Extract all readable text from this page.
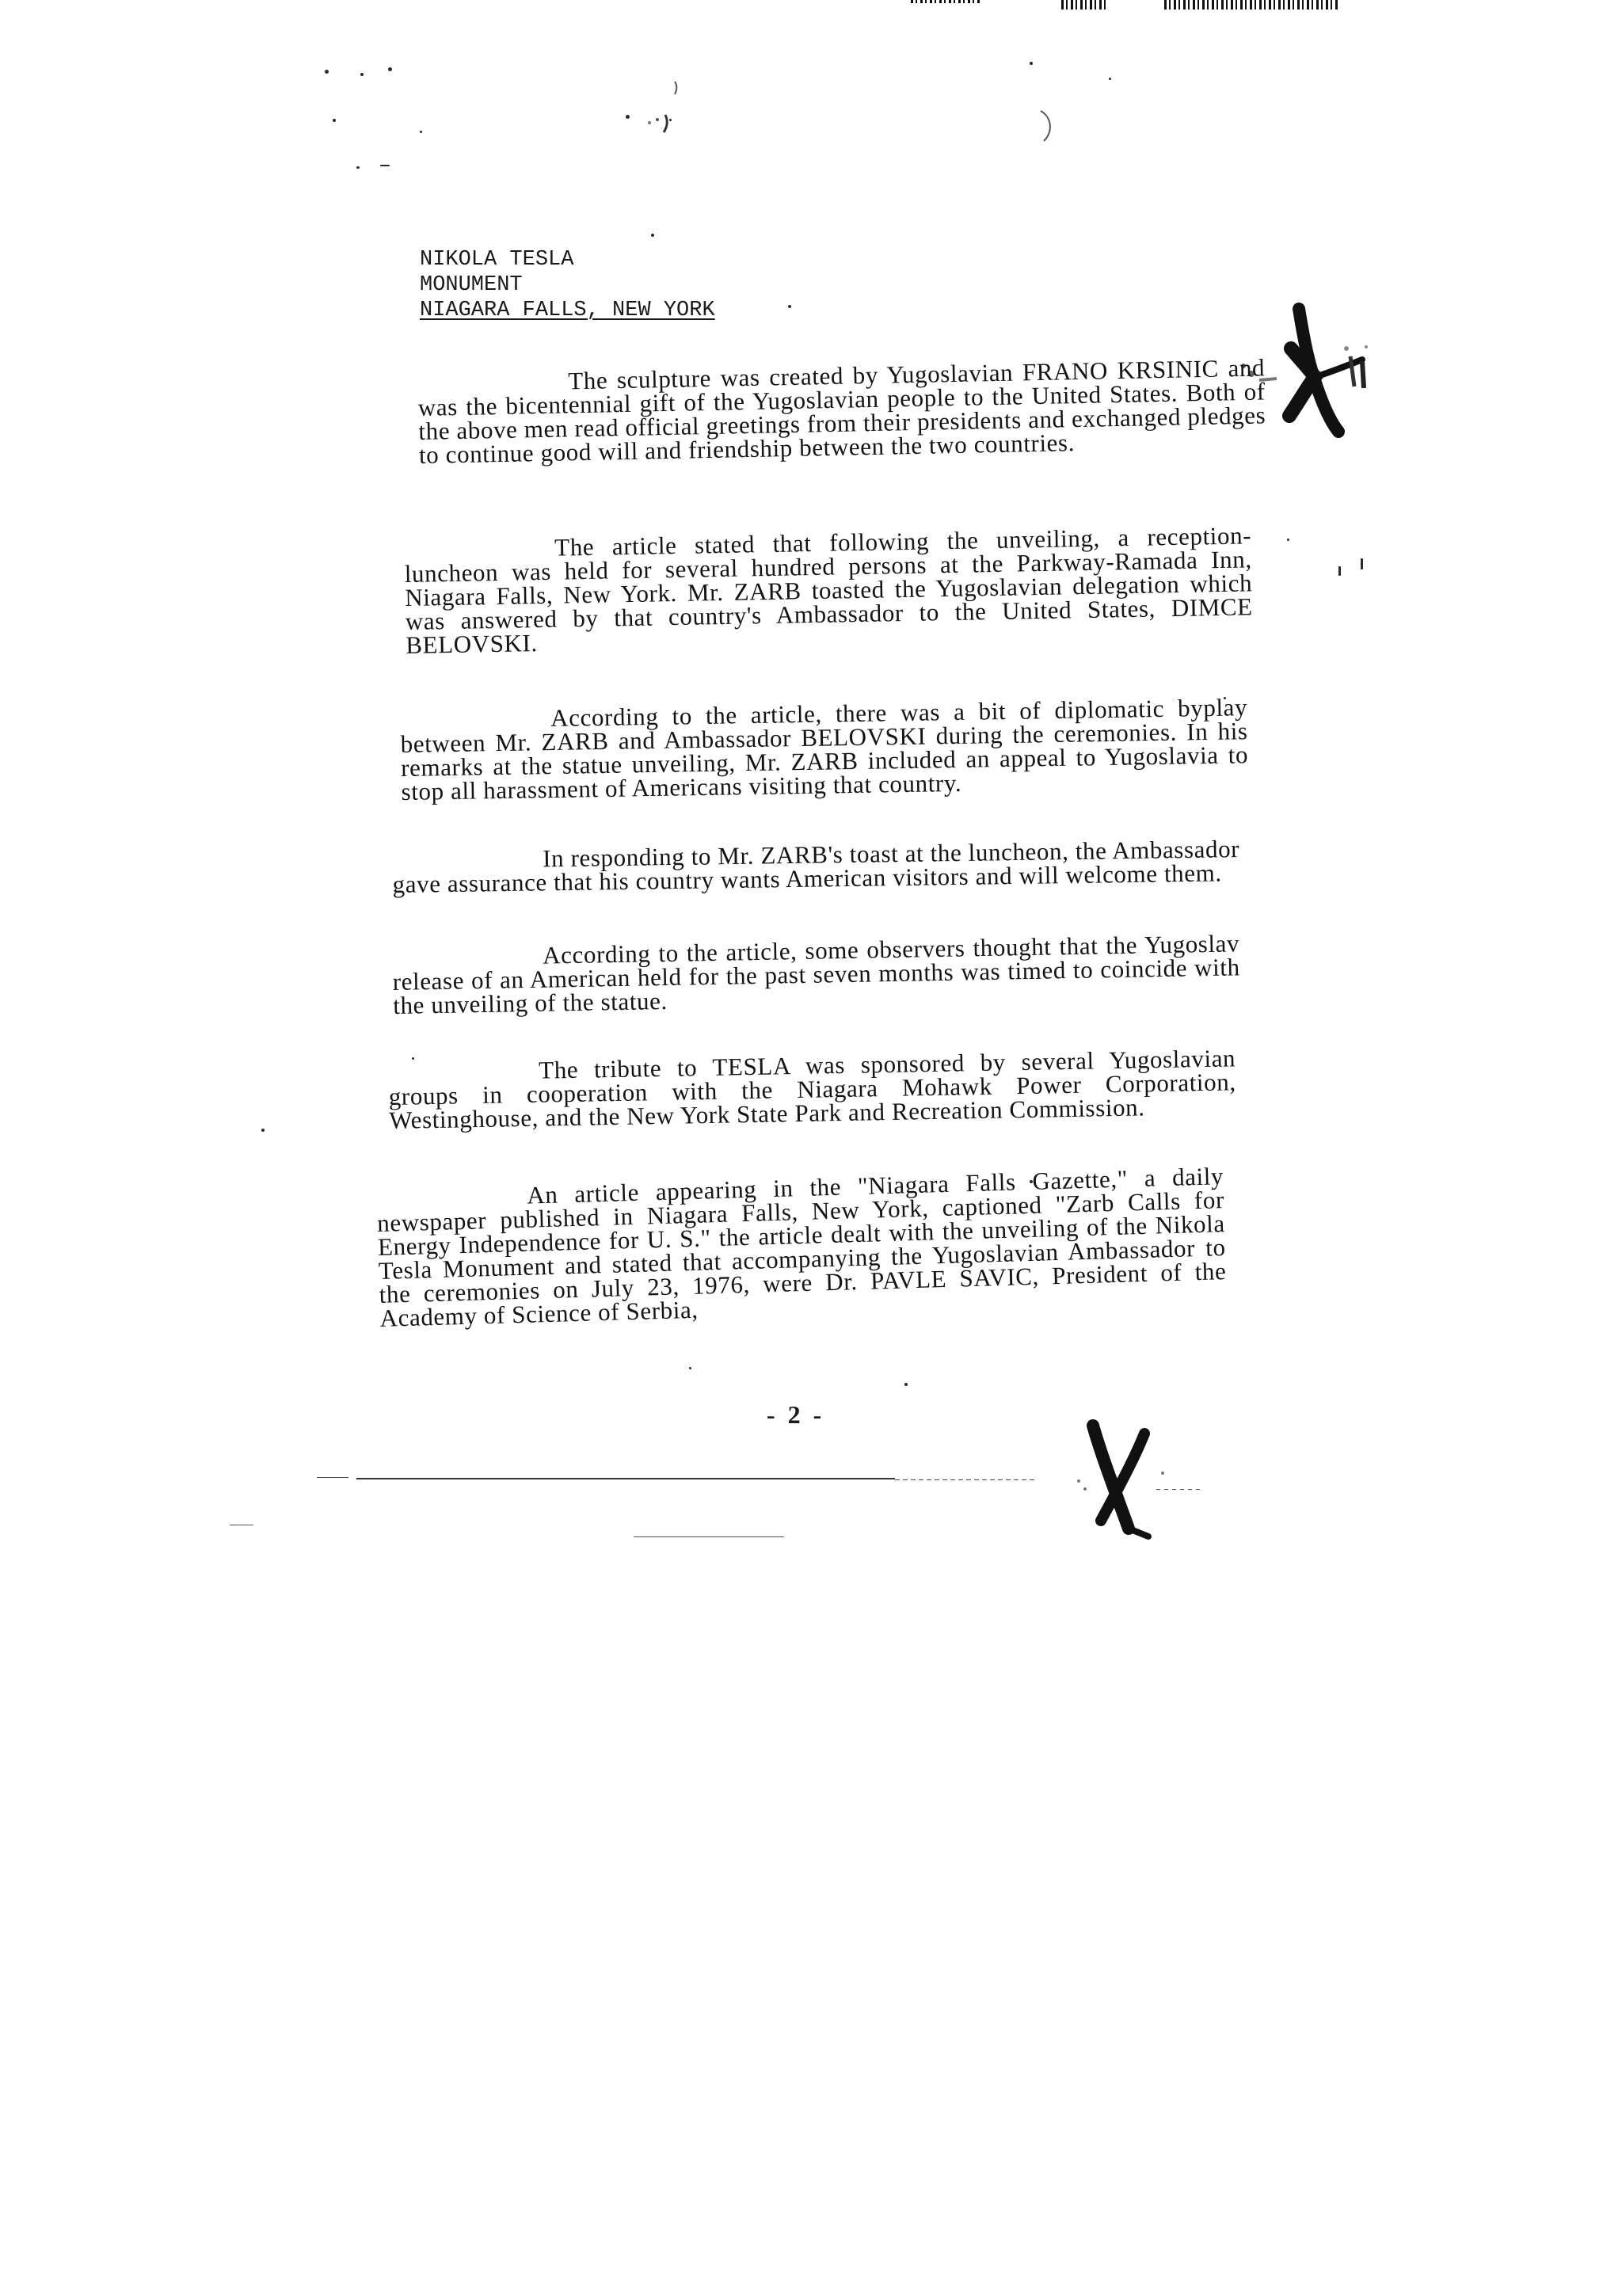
NIKOLA TESLA
MONUMENT
NIAGARA FALLS, NEW YORK
The sculpture was created by Yugoslavian FRANO KRSINIC and was the bicentennial gift of the Yugoslavian people to the United States. Both of the above men read official greetings from their presidents and exchanged pledges to continue good will and friendship between the two countries.
The article stated that following the unveiling, a reception-luncheon was held for several hundred persons at the Parkway-Ramada Inn, Niagara Falls, New York. Mr. ZARB toasted the Yugoslavian delegation which was answered by that country's Ambassador to the United States, DIMCE BELOVSKI.
According to the article, there was a bit of diplomatic byplay between Mr. ZARB and Ambassador BELOVSKI during the ceremonies. In his remarks at the statue unveiling, Mr. ZARB included an appeal to Yugoslavia to stop all harassment of Americans visiting that country.
In responding to Mr. ZARB's toast at the luncheon, the Ambassador gave assurance that his country wants American visitors and will welcome them.
According to the article, some observers thought that the Yugoslav release of an American held for the past seven months was timed to coincide with the unveiling of the statue.
The tribute to TESLA was sponsored by several Yugoslavian groups in cooperation with the Niagara Mohawk Power Corporation, Westinghouse, and the New York State Park and Recreation Commission.
An article appearing in the "Niagara Falls Gazette," a daily newspaper published in Niagara Falls, New York, captioned "Zarb Calls for Energy Independence for U. S." the article dealt with the unveiling of the Nikola Tesla Monument and stated that accompanying the Yugoslavian Ambassador to the ceremonies on July 23, 1976, were Dr. PAVLE SAVIC, President of the Academy of Science of Serbia,
- 2 -
